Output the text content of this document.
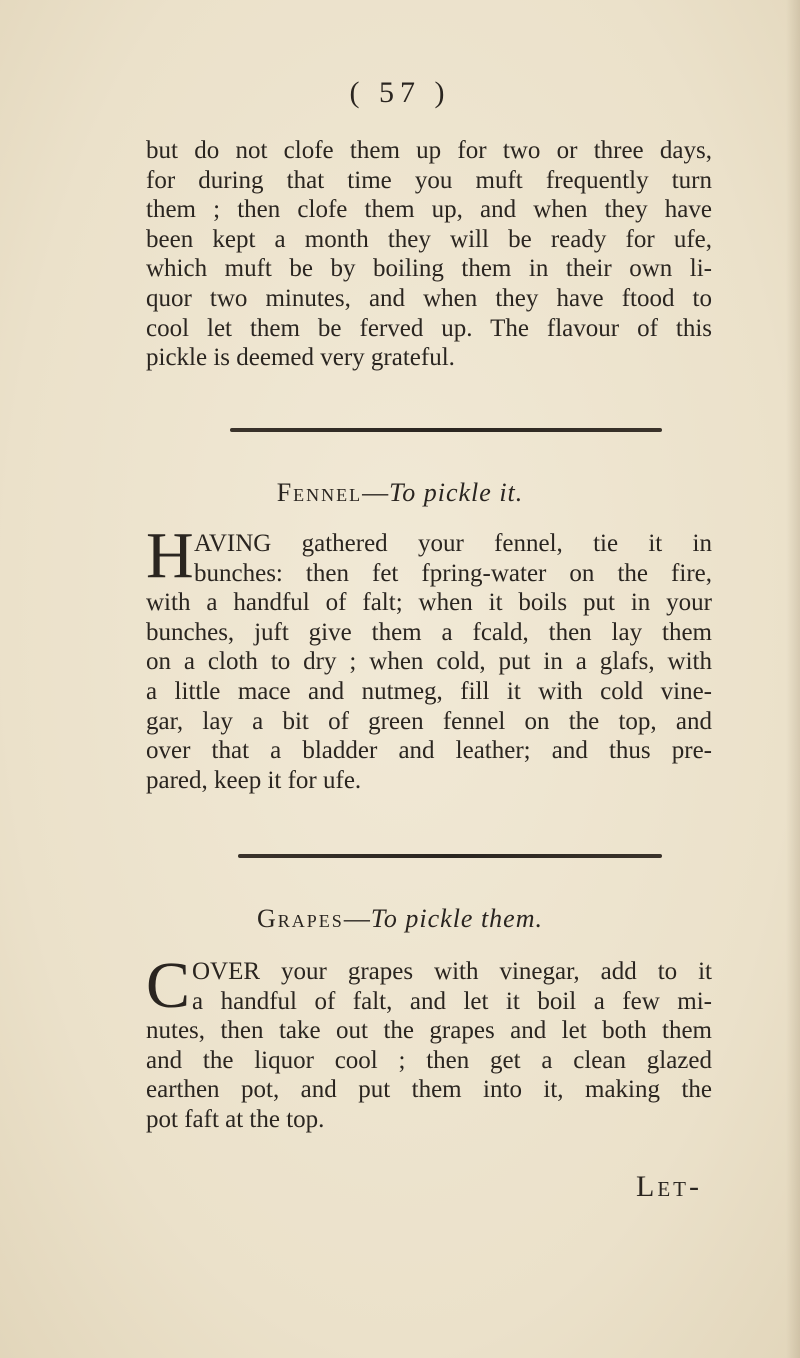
( 57 )
but do not clofe them up for two or three days,
for during that time you muft frequently turn
them ; then clofe them up, and when they have
been kept a month they will be ready for ufe,
which muft be by boiling them in their own li-
quor two minutes, and when they have ftood to
cool let them be ferved up. The flavour of this
pickle is deemed very grateful.
Fennel—To pickle it.
H AVING gathered your fennel, tie it in
bunches: then fet fpring-water on the fire,
with a handful of falt; when it boils put in your
bunches, juft give them a fcald, then lay them
on a cloth to dry ; when cold, put in a glafs, with
a little mace and nutmeg, fill it with cold vine-
gar, lay a bit of green fennel on the top, and
over that a bladder and leather; and thus pre-
pared, keep it for ufe.
Grapes—To pickle them.
C OVER your grapes with vinegar, add to it
a handful of falt, and let it boil a few mi-
nutes, then take out the grapes and let both them
and the liquor cool ; then get a clean glazed
earthen pot, and put them into it, making the
pot faft at the top.
Let-
